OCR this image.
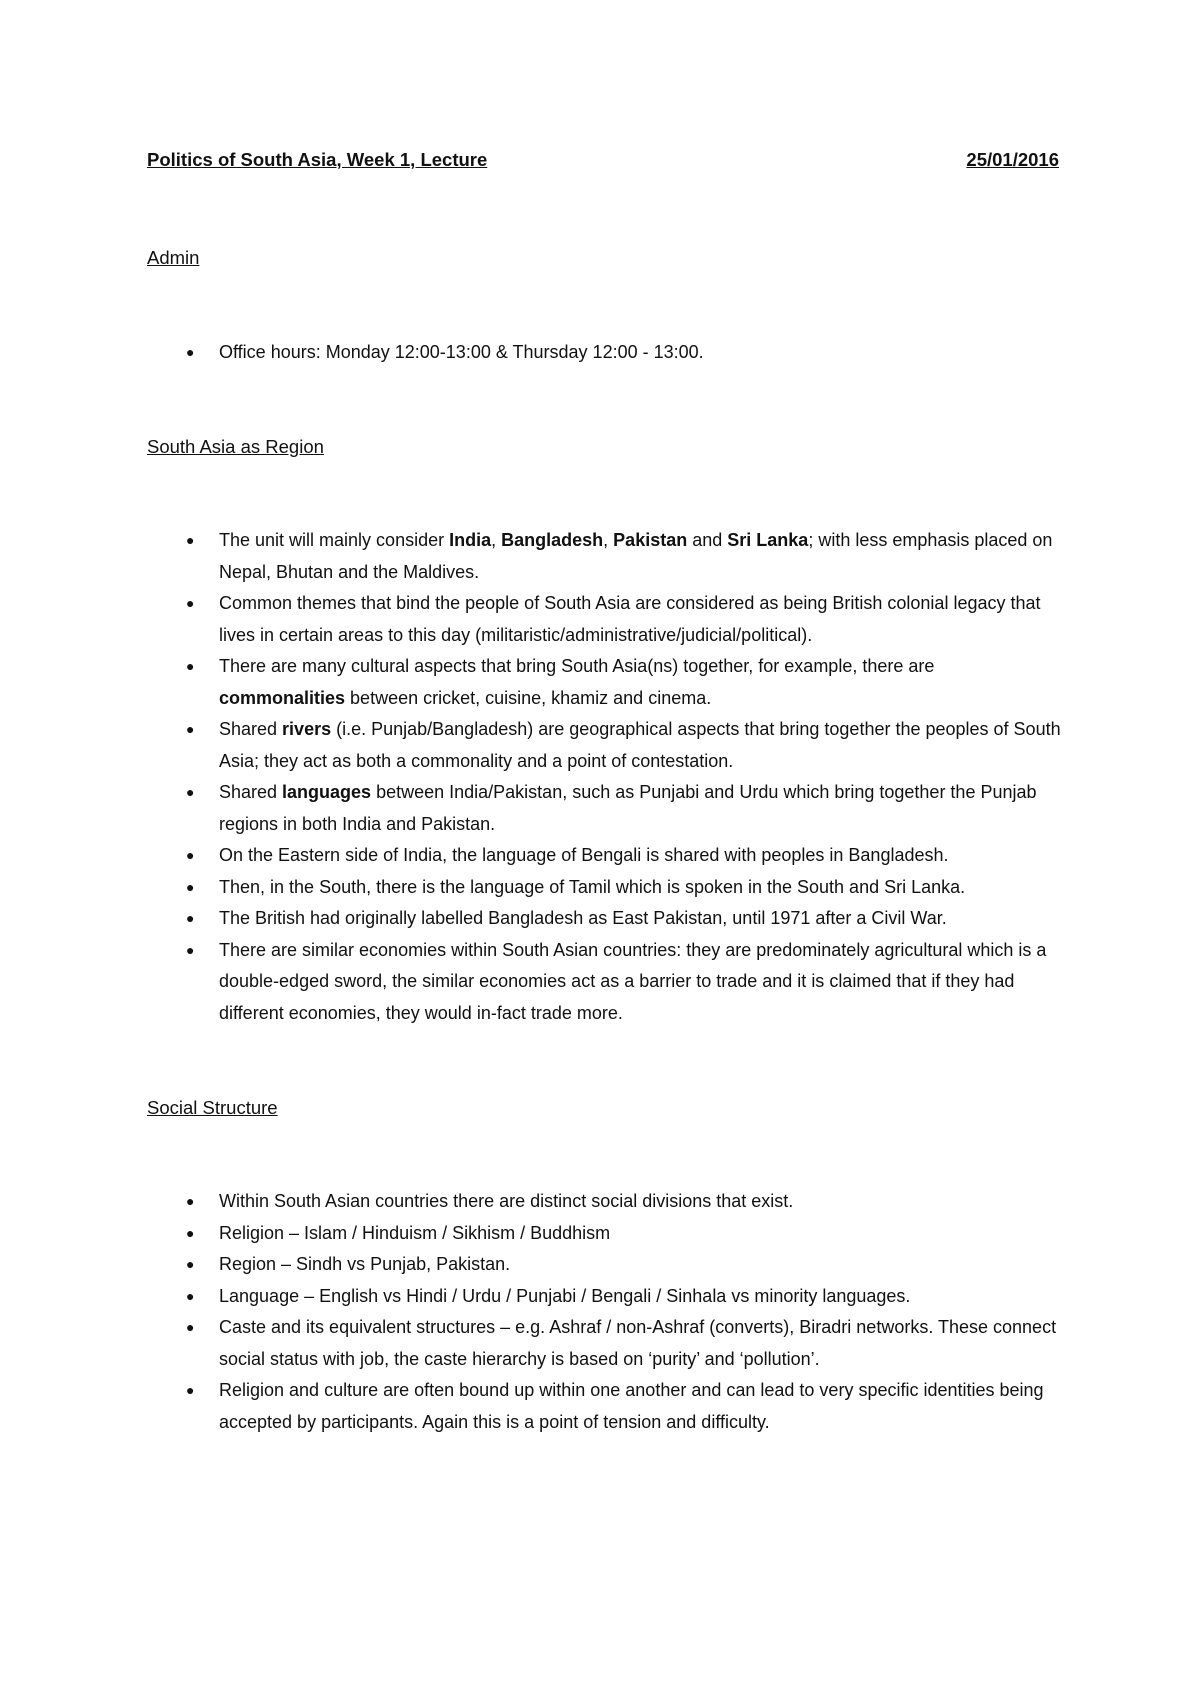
Politics of South Asia, Week 1, Lecture	25/01/2016
Admin
● Office hours: Monday 12:00-13:00 & Thursday 12:00 - 13:00.
South Asia as Region
● The unit will mainly consider India, Bangladesh, Pakistan and Sri Lanka; with less emphasis placed on Nepal, Bhutan and the Maldives.
● Common themes that bind the people of South Asia are considered as being British colonial legacy that lives in certain areas to this day (militaristic/administrative/judicial/political).
● There are many cultural aspects that bring South Asia(ns) together, for example, there are commonalities between cricket, cuisine, khamiz and cinema.
● Shared rivers (i.e. Punjab/Bangladesh) are geographical aspects that bring together the peoples of South Asia; they act as both a commonality and a point of contestation.
● Shared languages between India/Pakistan, such as Punjabi and Urdu which bring together the Punjab regions in both India and Pakistan.
● On the Eastern side of India, the language of Bengali is shared with peoples in Bangladesh.
● Then, in the South, there is the language of Tamil which is spoken in the South and Sri Lanka.
● The British had originally labelled Bangladesh as East Pakistan, until 1971 after a Civil War.
● There are similar economies within South Asian countries: they are predominately agricultural which is a double-edged sword, the similar economies act as a barrier to trade and it is claimed that if they had different economies, they would in-fact trade more.
Social Structure
● Within South Asian countries there are distinct social divisions that exist.
● Religion – Islam / Hinduism / Sikhism / Buddhism
● Region – Sindh vs Punjab, Pakistan.
● Language – English vs Hindi / Urdu / Punjabi / Bengali / Sinhala vs minority languages.
● Caste and its equivalent structures – e.g. Ashraf / non-Ashraf (converts), Biradri networks. These connect social status with job, the caste hierarchy is based on ‘purity’ and ‘pollution’.
● Religion and culture are often bound up within one another and can lead to very specific identities being accepted by participants. Again this is a point of tension and difficulty.
